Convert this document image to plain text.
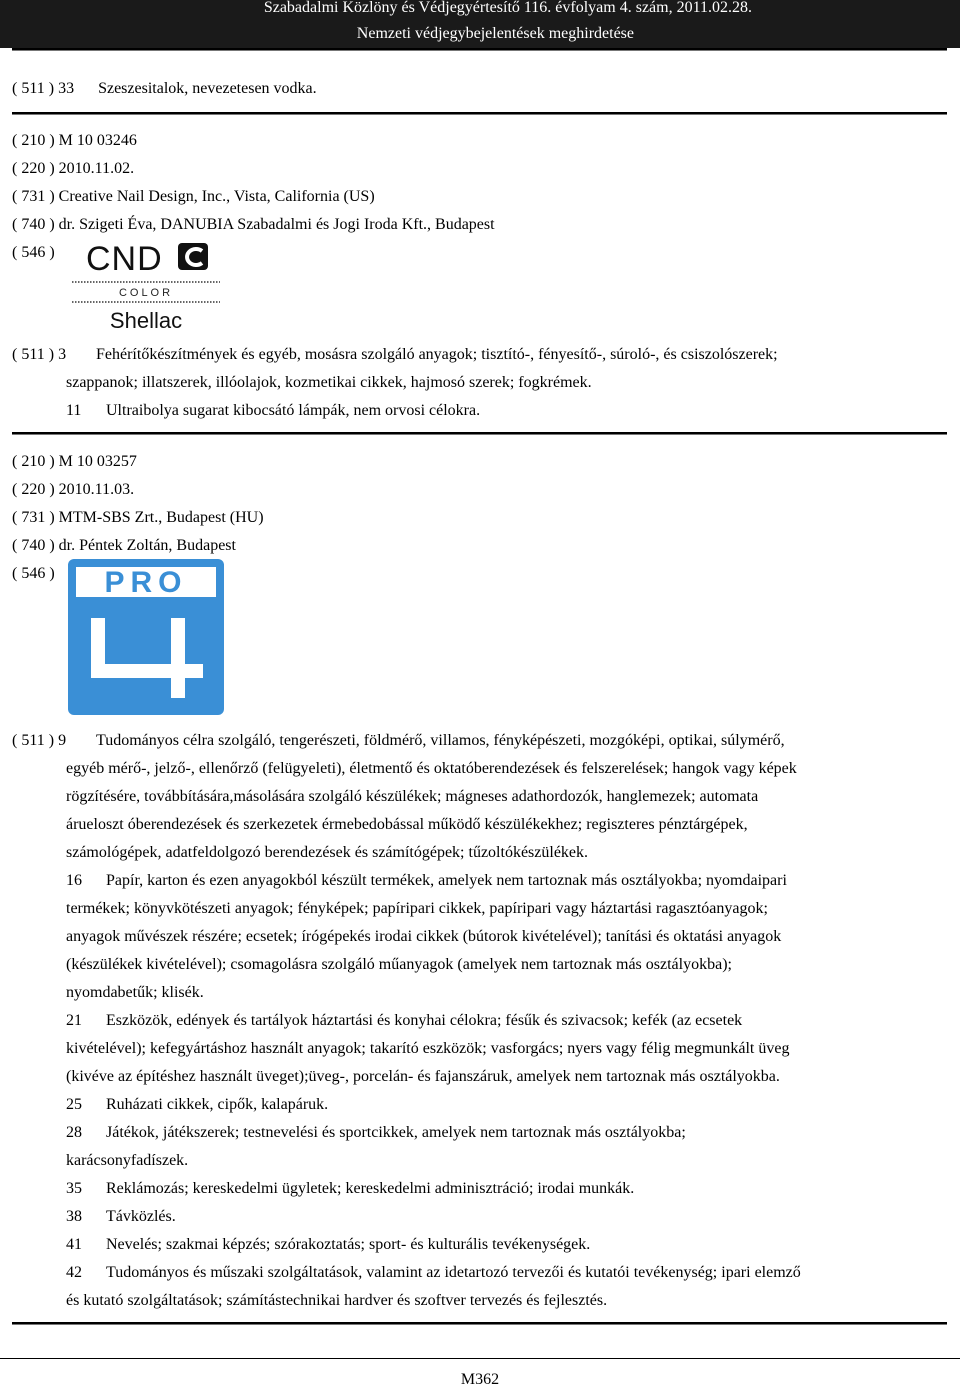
Szabadalmi Közlöny és Védjegyértesítő 116. évfolyam 4. szám, 2011.02.28.
Nemzeti védjegybejelentések meghirdetése
( 511 ) 33 Szeszesitalok, nevezetesen vodka.
( 210 ) M 10 03246
( 220 ) 2010.11.02.
( 731 ) Creative Nail Design, Inc., Vista, California (US)
( 740 ) dr. Szigeti Éva, DANUBIA Szabadalmi és Jogi Iroda Kft., Budapest
( 546 ) CND
COLOR
Shellac
( 511 ) 3 Fehérítőkészítmények és egyéb, mosásra szolgáló anyagok; tisztító-, fényesítő-, súroló-, és csiszolószerek;
szappanok; illatszerek, illóolajok, kozmetikai cikkek, hajmosó szerek; fogkrémek.
11 Ultraibolya sugarat kibocsátó lámpák, nem orvosi célokra.
( 210 ) M 10 03257
( 220 ) 2010.11.03.
( 731 ) MTM-SBS Zrt., Budapest (HU)
( 740 ) dr. Péntek Zoltán, Budapest
( 546 ) PRO
( 511 ) 9 Tudományos célra szolgáló, tengerészeti, földmérő, villamos, fényképészeti, mozgóképi, optikai, súlymérő,
egyéb mérő-, jelző-, ellenőrző (felügyeleti), életmentő és oktatóberendezések és felszerelések; hangok vagy képek
rögzítésére, továbbítására,másolására szolgáló készülékek; mágneses adathordozók, hanglemezek; automata
árueloszt óberendezések és szerkezetek érmebedobással működő készülékekhez; regiszteres pénztárgépek,
számológépek, adatfeldolgozó berendezések és számítógépek; tűzoltókészülékek.
16 Papír, karton és ezen anyagokból készült termékek, amelyek nem tartoznak más osztályokba; nyomdaipari
termékek; könyvkötészeti anyagok; fényképek; papíripari cikkek, papíripari vagy háztartási ragasztóanyagok;
anyagok művészek részére; ecsetek; írógépekés irodai cikkek (bútorok kivételével); tanítási és oktatási anyagok
(készülékek kivételével); csomagolásra szolgáló műanyagok (amelyek nem tartoznak más osztályokba);
nyomdabetűk; klisék.
21 Eszközök, edények és tartályok háztartási és konyhai célokra; fésűk és szivacsok; kefék (az ecsetek
kivételével); kefegyártáshoz használt anyagok; takarító eszközök; vasforgács; nyers vagy félig megmunkált üveg
(kivéve az építéshez használt üveget);üveg-, porcelán- és fajanszáruk, amelyek nem tartoznak más osztályokba.
25 Ruházati cikkek, cipők, kalapáruk.
28 Játékok, játékszerek; testnevelési és sportcikkek, amelyek nem tartoznak más osztályokba;
karácsonyfadíszek.
35 Reklámozás; kereskedelmi ügyletek; kereskedelmi adminisztráció; irodai munkák.
38 Távközlés.
41 Nevelés; szakmai képzés; szórakoztatás; sport- és kulturális tevékenységek.
42 Tudományos és műszaki szolgáltatások, valamint az idetartozó tervezői és kutatói tevékenység; ipari elemző
és kutató szolgáltatások; számítástechnikai hardver és szoftver tervezés és fejlesztés.
M362
